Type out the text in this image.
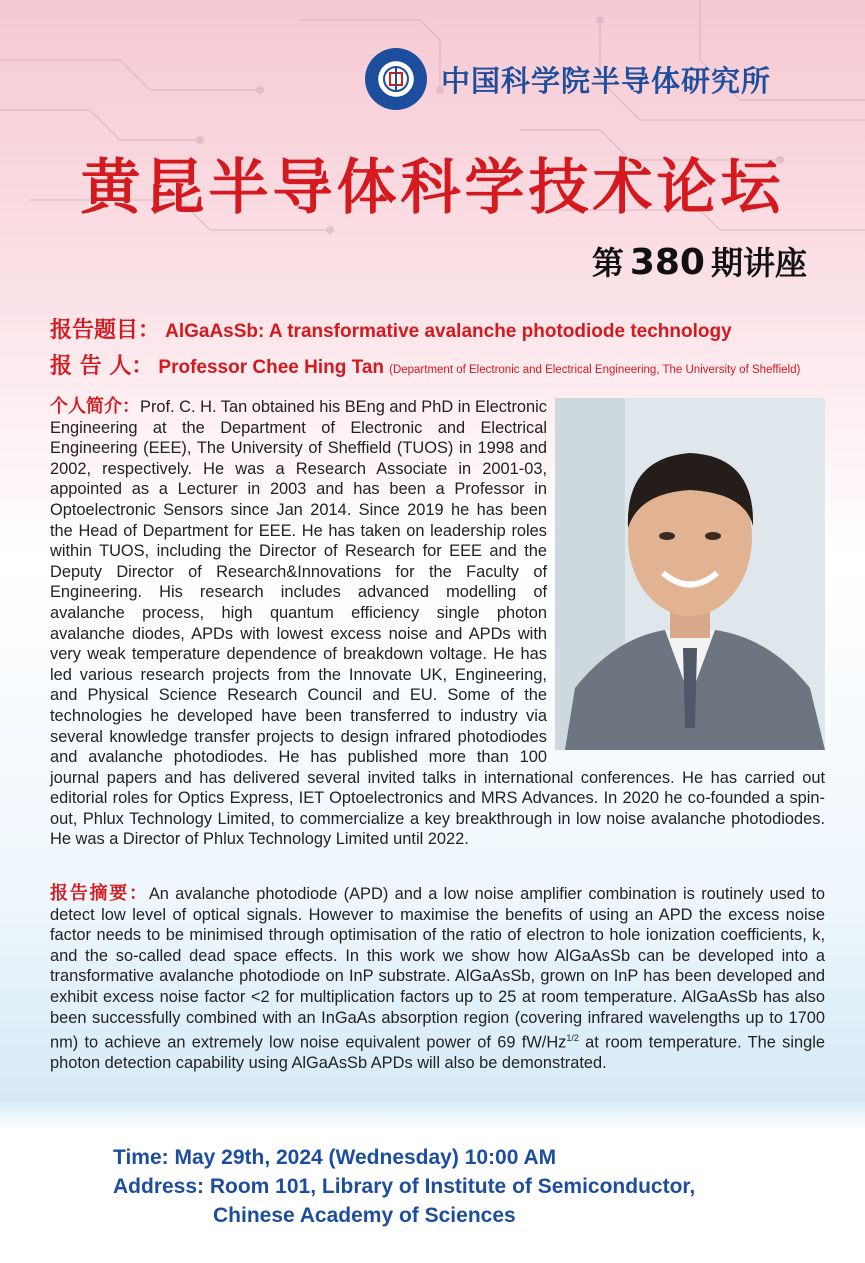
中国科学院半导体研究所
黄昆半导体科学技术论坛
第 380 期讲座
报告题目： AlGaAsSb: A transformative avalanche photodiode technology
报 告 人： Professor Chee Hing Tan (Department of Electronic and Electrical Engineering, The University of Sheffield)
个人简介：Prof. C. H. Tan obtained his BEng and PhD in Electronic Engineering at the Department of Electronic and Electrical Engineering (EEE), The University of Sheffield (TUOS) in 1998 and 2002, respectively. He was a Research Associate in 2001-03, appointed as a Lecturer in 2003 and has been a Professor in Optoelectronic Sensors since Jan 2014. Since 2019 he has been the Head of Department for EEE. He has taken on leadership roles within TUOS, including the Director of Research for EEE and the Deputy Director of Research&Innovations for the Faculty of Engineering. His research includes advanced modelling of avalanche process, high quantum efficiency single photon avalanche diodes, APDs with lowest excess noise and APDs with very weak temperature dependence of breakdown voltage. He has led various research projects from the Innovate UK, Engineering, and Physical Science Research Council and EU. Some of the technologies he developed have been transferred to industry via several knowledge transfer projects to design infrared photodiodes and avalanche photodiodes. He has published more than 100 journal papers and has delivered several invited talks in international conferences. He has carried out editorial roles for Optics Express, IET Optoelectronics and MRS Advances. In 2020 he co-founded a spin-out, Phlux Technology Limited, to commercialize a key breakthrough in low noise avalanche photodiodes. He was a Director of Phlux Technology Limited until 2022.
报告摘要：An avalanche photodiode (APD) and a low noise amplifier combination is routinely used to detect low level of optical signals. However to maximise the benefits of using an APD the excess noise factor needs to be minimised through optimisation of the ratio of electron to hole ionization coefficients, k, and the so-called dead space effects. In this work we show how AlGaAsSb can be developed into a transformative avalanche photodiode on InP substrate. AlGaAsSb, grown on InP has been developed and exhibit excess noise factor <2 for multiplication factors up to 25 at room temperature. AlGaAsSb has also been successfully combined with an InGaAs absorption region (covering infrared wavelengths up to 1700 nm) to achieve an extremely low noise equivalent power of 69 $fW/Hz^{1/2}$ at room temperature. The single photon detection capability using AlGaAsSb APDs will also be demonstrated.
Time: May 29th, 2024 (Wednesday) 10:00 AM
Address: Room 101, Library of Institute of Semiconductor,
Chinese Academy of Sciences
